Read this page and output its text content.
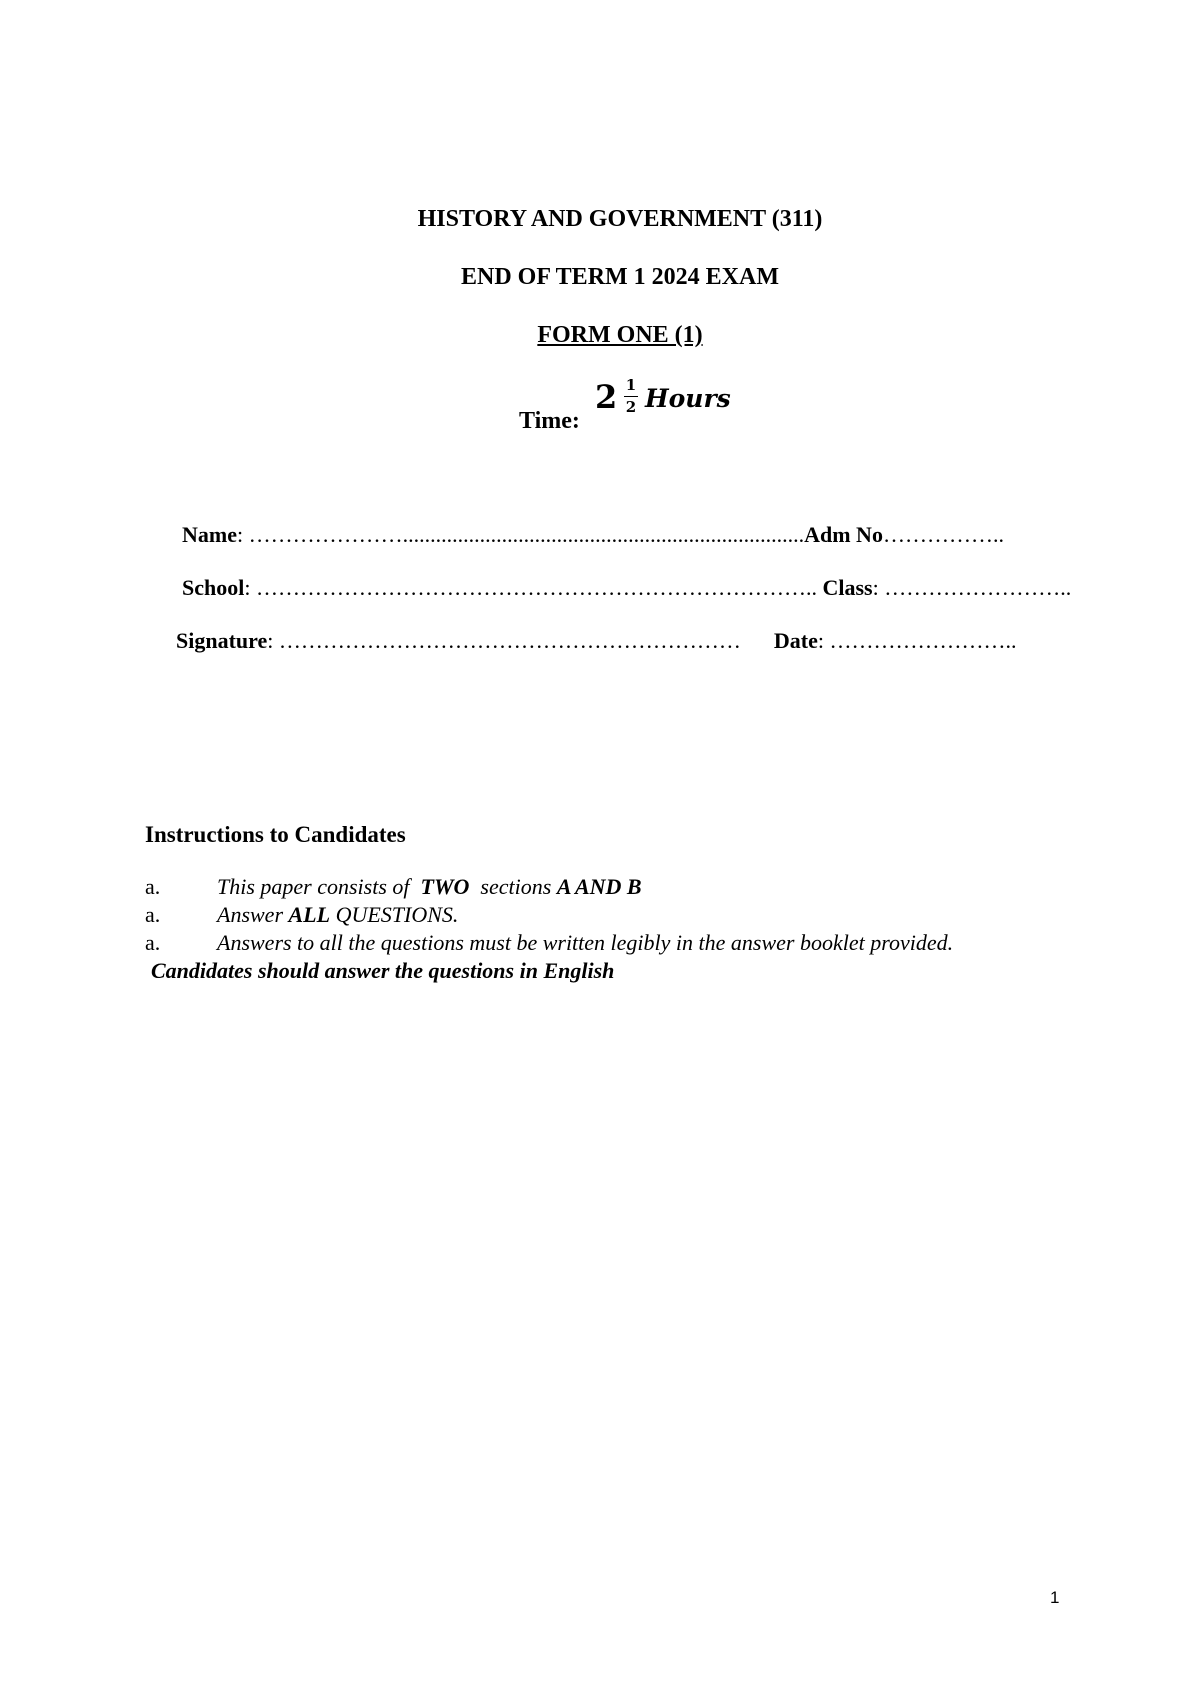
HISTORY AND GOVERNMENT (311)
END OF TERM 1 2024 EXAM
FORM ONE (1)
Time:
2 1
2 Hours
Name: ………………….........................................................................Adm No……………..
School: ………………………………………………………………….. Class: ……………………..
Signature: ………………………………………………………      Date: ……………………..
Instructions to Candidates
a.	This paper consists of  TWO  sections A AND B
a.	Answer ALL QUESTIONS.
a.	Answers to all the questions must be written legibly in the answer booklet provided.
Candidates should answer the questions in English
1
